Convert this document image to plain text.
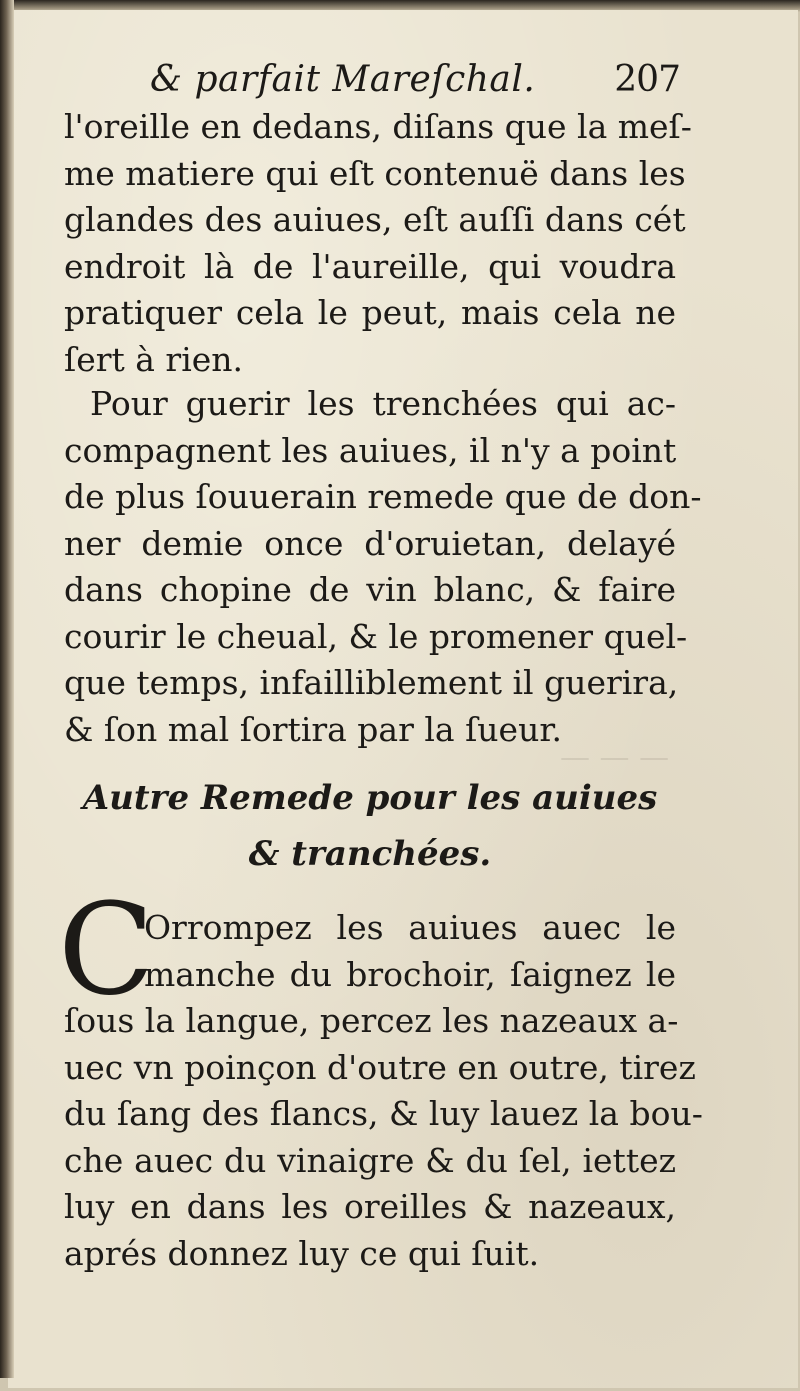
— — —
& parfait Mareſchal. 207
l'oreille en dedans, diſans que la meſ-
me matiere qui eſt contenuë dans les
glandes des auiues, eſt auſſi dans cét
endroit là de l'aureille, qui voudra
pratiquer cela le peut, mais cela ne
ſert à rien.
Pour guerir les trenchées qui ac-
compagnent les auiues, il n'y a point
de plus ſouuerain remede que de don-
ner demie once d'oruietan, delayé
dans chopine de vin blanc, & faire
courir le cheual, & le promener quel-
que temps, infailliblement il guerira,
& ſon mal ſortira par la ſueur.
Autre Remede pour les auiues
& tranchées.
C
Orrompez les auiues auec le
manche du brochoir, ſaignez le
ſous la langue, percez les nazeaux a-
uec vn poinçon d'outre en outre, tirez
du ſang des flancs, & luy lauez la bou-
che auec du vinaigre & du ſel, iettez
luy en dans les oreilles & nazeaux,
aprés donnez luy ce qui ſuit.
